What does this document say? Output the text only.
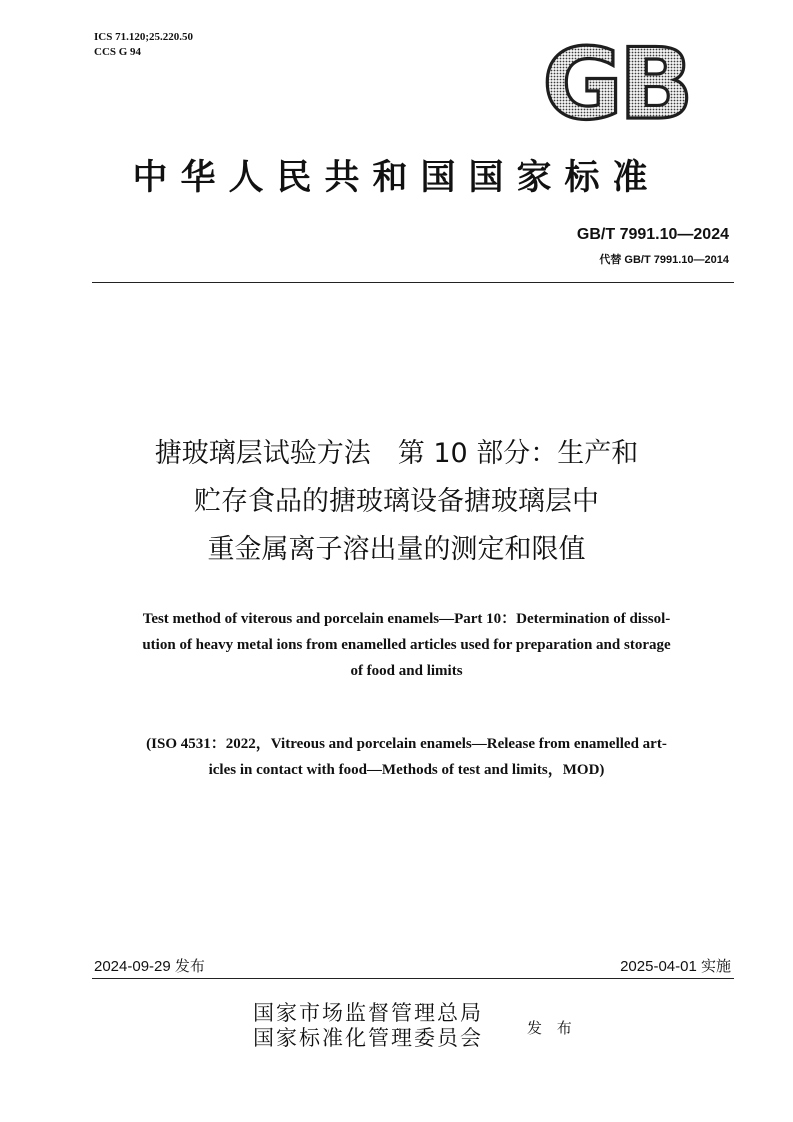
ICS 71.120;25.220.50
CCS G 94	GB
中华人民共和国国家标准
GB/T 7991.10—2024
代替 GB/T 7991.10—2014
搪玻璃层试验方法　第 10 部分：生产和
贮存食品的搪玻璃设备搪玻璃层中
重金属离子溶出量的测定和限值
Test method of viterous and porcelain enamels—Part 10：Determination of dissol-
ution of heavy metal ions from enamelled articles used for preparation and storage
of food and limits
(ISO 4531：2022，Vitreous and porcelain enamels—Release from enamelled art-
icles in contact with food—Methods of test and limits，MOD)
2024-09-29 发布	2025-04-01 实施
国家市场监督管理总局
国家标准化管理委员会	发 布
